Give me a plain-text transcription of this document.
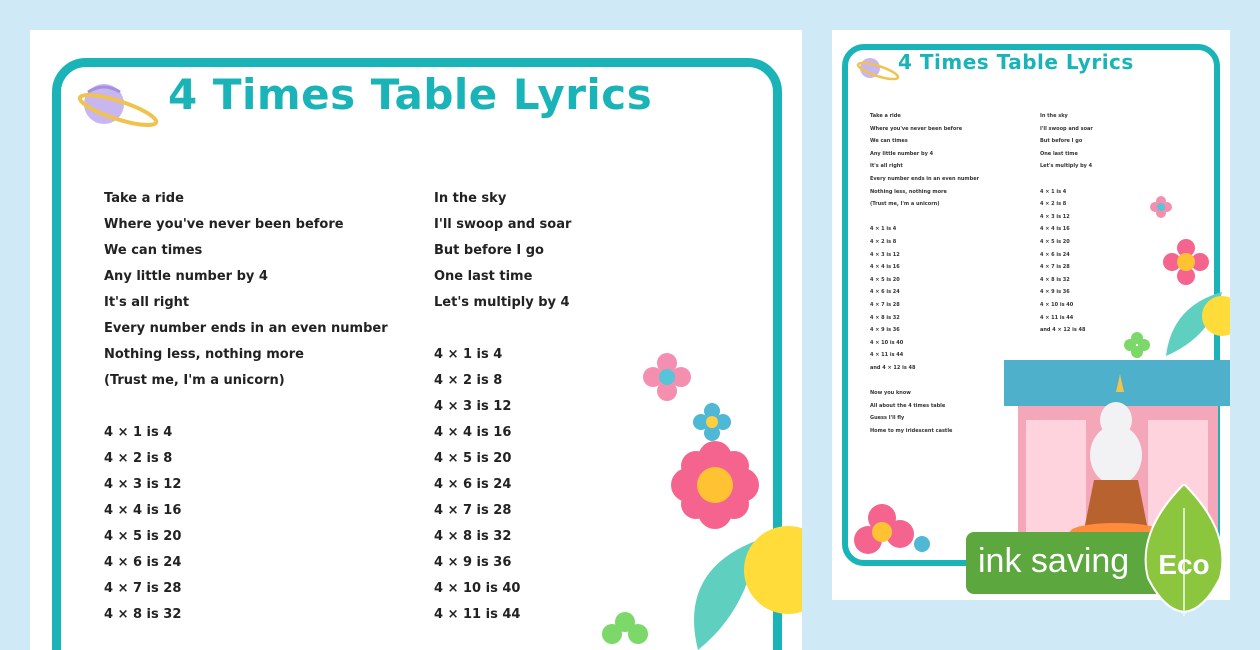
4 Times Table Lyrics
Take a ride
Where you've never been before
We can times
Any little number by 4
It's all right
Every number ends in an even number
Nothing less, nothing more
(Trust me, I'm a unicorn)
4 × 1 is 4
4 × 2 is 8
4 × 3 is 12
4 × 4 is 16
4 × 5 is 20
4 × 6 is 24
4 × 7 is 28
4 × 8 is 32
In the sky
I'll swoop and soar
But before I go
One last time
Let's multiply by 4
4 × 1 is 4
4 × 2 is 8
4 × 3 is 12
4 × 4 is 16
4 × 5 is 20
4 × 6 is 24
4 × 7 is 28
4 × 8 is 32
4 × 9 is 36
4 × 10 is 40
4 × 11 is 44
4 Times Table Lyrics
Take a ride
Where you've never been before
We can times
Any little number by 4
It's all right
Every number ends in an even number
Nothing less, nothing more
(Trust me, I'm a unicorn)
4 × 1 is 4
4 × 2 is 8
4 × 3 is 12
4 × 4 is 16
4 × 5 is 20
4 × 6 is 24
4 × 7 is 28
4 × 8 is 32
4 × 9 is 36
4 × 10 is 40
4 × 11 is 44
and 4 × 12 is 48
Now you know
All about the 4 times table
Guess I'll fly
Home to my iridescent castle
In the sky
I'll swoop and soar
But before I go
One last time
Let's multiply by 4
4 × 1 is 4
4 × 2 is 8
4 × 3 is 12
4 × 4 is 16
4 × 5 is 20
4 × 6 is 24
4 × 7 is 28
4 × 8 is 32
4 × 9 is 36
4 × 10 is 40
4 × 11 is 44
and 4 × 12 is 48
ink saving Eco
